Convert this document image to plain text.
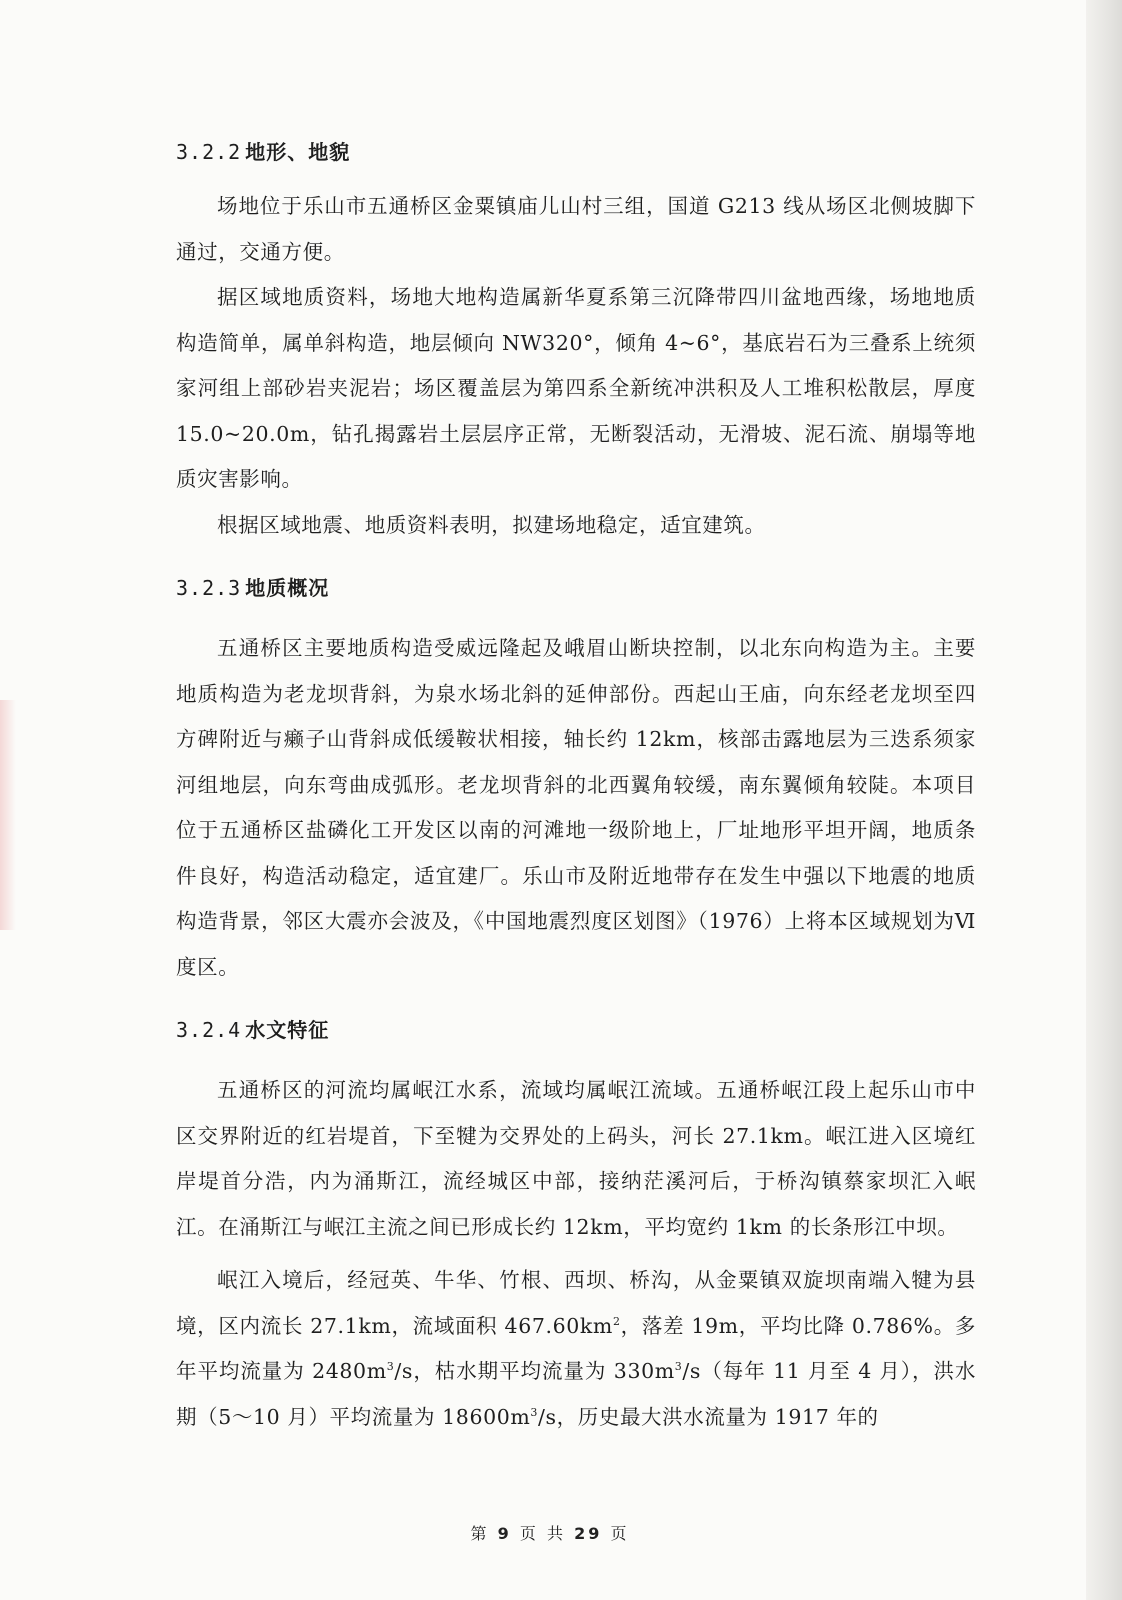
3.2.2 地形、地貌

场地位于乐山市五通桥区金粟镇庙儿山村三组，国道 G213 线从场区北侧坡脚下通过，交通方便。

据区域地质资料，场地大地构造属新华夏系第三沉降带四川盆地西缘，场地地质构造简单，属单斜构造，地层倾向 NW320°，倾角 4~6°，基底岩石为三叠系上统须家河组上部砂岩夹泥岩；场区覆盖层为第四系全新统冲洪积及人工堆积松散层，厚度 15.0~20.0m，钻孔揭露岩土层层序正常，无断裂活动，无滑坡、泥石流、崩塌等地质灾害影响。

根据区域地震、地质资料表明，拟建场地稳定，适宜建筑。

3.2.3 地质概况

五通桥区主要地质构造受威远隆起及峨眉山断块控制，以北东向构造为主。主要地质构造为老龙坝背斜，为泉水场北斜的延伸部份。西起山王庙，向东经老龙坝至四方碑附近与癞子山背斜成低缓鞍状相接，轴长约 12km，核部击露地层为三迭系须家河组地层，向东弯曲成弧形。老龙坝背斜的北西翼角较缓，南东翼倾角较陡。本项目位于五通桥区盐磷化工开发区以南的河滩地一级阶地上，厂址地形平坦开阔，地质条件良好，构造活动稳定，适宜建厂。乐山市及附近地带存在发生中强以下地震的地质构造背景，邻区大震亦会波及，《中国地震烈度区划图》（1976）上将本区域规划为Ⅵ度区。

3.2.4 水文特征

五通桥区的河流均属岷江水系，流域均属岷江流域。五通桥岷江段上起乐山市中区交界附近的红岩堤首，下至犍为交界处的上码头，河长 27.1km。岷江进入区境红岸堤首分浩，内为涌斯江，流经城区中部，接纳茫溪河后，于桥沟镇蔡家坝汇入岷江。在涌斯江与岷江主流之间已形成长约 12km，平均宽约 1km 的长条形江中坝。

岷江入境后，经冠英、牛华、竹根、西坝、桥沟，从金粟镇双旋坝南端入犍为县境，区内流长 27.1km，流域面积 $467.60km^2$，落差 19m，平均比降 0.786%。多年平均流量为 $2480m^3/s$，枯水期平均流量为 $330m^3/s$（每年 11 月至 4 月），洪水期（5～10 月）平均流量为 $18600m^3/s$，历史最大洪水流量为 1917 年的

第 9 页 共 29 页
